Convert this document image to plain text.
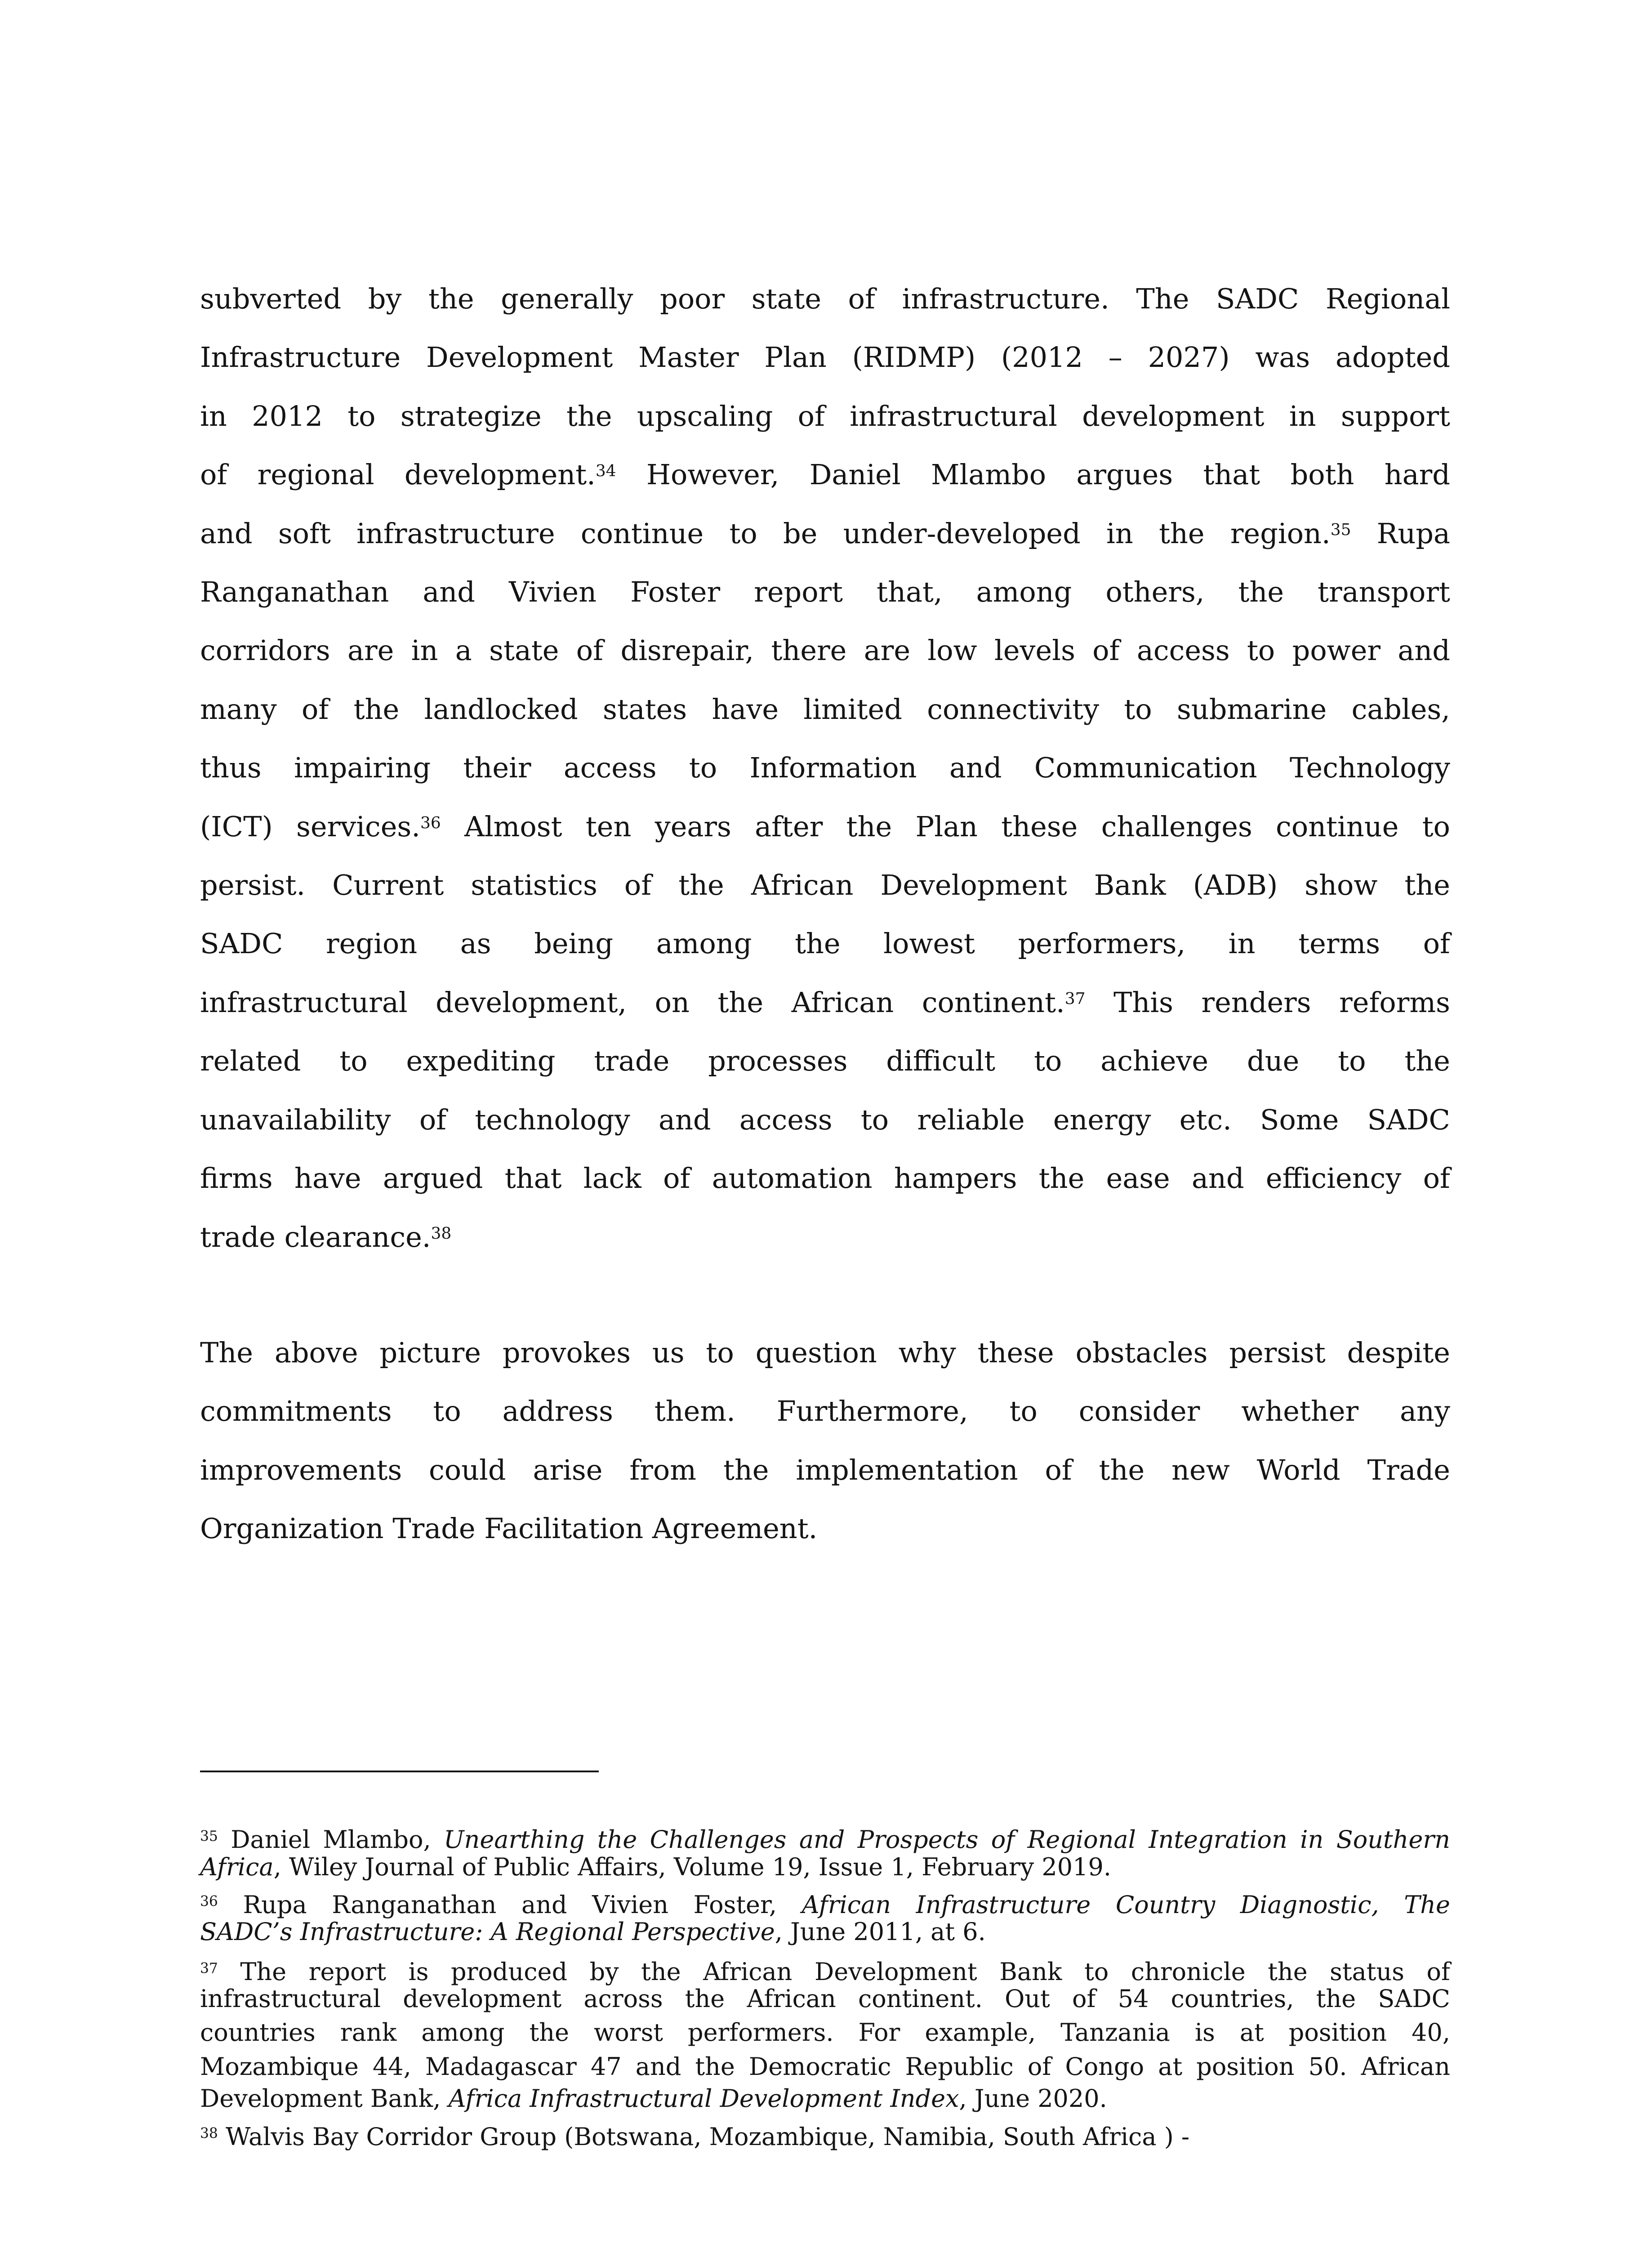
subverted by the generally poor state of infrastructure. The SADC Regional
Infrastructure Development Master Plan (RIDMP) (2012 – 2027) was adopted
in 2012 to strategize the upscaling of infrastructural development in support
of regional development.$^{34}$ However, Daniel Mlambo argues that both hard
and soft infrastructure continue to be under-developed in the region.$^{35}$ Rupa
Ranganathan and Vivien Foster report that, among others, the transport
corridors are in a state of disrepair, there are low levels of access to power and
many of the landlocked states have limited connectivity to submarine cables,
thus impairing their access to Information and Communication Technology
(ICT) services.$^{36}$ Almost ten years after the Plan these challenges continue to
persist. Current statistics of the African Development Bank (ADB) show the
SADC region as being among the lowest performers, in terms of
infrastructural development, on the African continent.$^{37}$ This renders reforms
related to expediting trade processes difficult to achieve due to the
unavailability of technology and access to reliable energy etc. Some SADC
firms have argued that lack of automation hampers the ease and efficiency of
trade clearance.$^{38}$
The above picture provokes us to question why these obstacles persist despite
commitments to address them. Furthermore, to consider whether any
improvements could arise from the implementation of the new World Trade
Organization Trade Facilitation Agreement.
$^{35}$ Daniel Mlambo, Unearthing the Challenges and Prospects of Regional Integration in Southern
Africa, Wiley Journal of Public Affairs, Volume 19, Issue 1, February 2019.
$^{36}$ Rupa Ranganathan and Vivien Foster, African Infrastructure Country Diagnostic, The
SADC’s Infrastructure: A Regional Perspective, June 2011, at 6.
$^{37}$ The report is produced by the African Development Bank to chronicle the status of
infrastructural development across the African continent. Out of 54 countries, the SADC
countries rank among the worst performers. For example, Tanzania is at position 40,
Mozambique 44, Madagascar 47 and the Democratic Republic of Congo at position 50. African
Development Bank, Africa Infrastructural Development Index, June 2020.
$^{38}$ Walvis Bay Corridor Group (Botswana, Mozambique, Namibia, South Africa ) -
